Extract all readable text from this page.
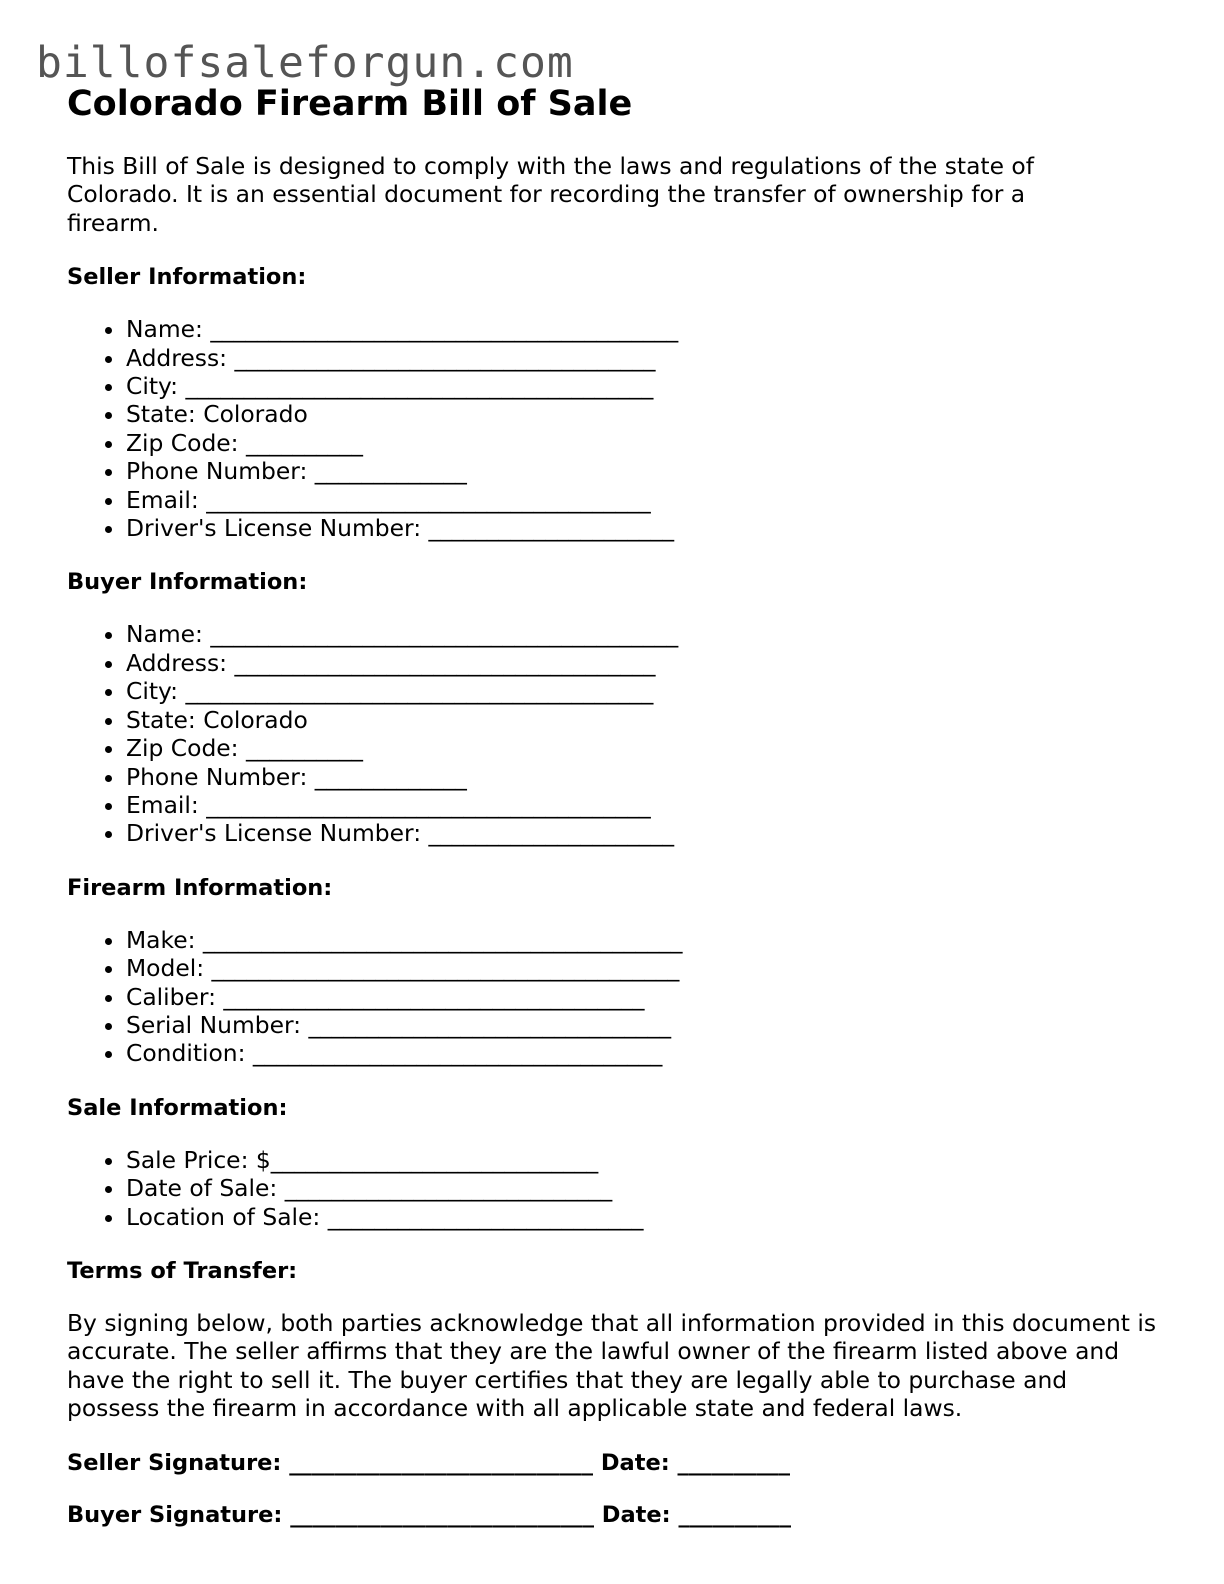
billofsaleforgun.com
Colorado Firearm Bill of Sale

This Bill of Sale is designed to comply with the laws and regulations of the state of Colorado. It is an essential document for recording the transfer of ownership for a firearm.

Seller Information:
• Name: ________________________________________
• Address: ____________________________________
• City: ________________________________________
• State: Colorado
• Zip Code: __________
• Phone Number: _____________
• Email: ______________________________________
• Driver's License Number: _____________________
Buyer Information:
• Name: ________________________________________
• Address: ____________________________________
• City: ________________________________________
• State: Colorado
• Zip Code: __________
• Phone Number: _____________
• Email: ______________________________________
• Driver's License Number: _____________________
Firearm Information:
• Make: _________________________________________
• Model: ________________________________________
• Caliber: ____________________________________
• Serial Number: _______________________________
• Condition: ___________________________________
Sale Information:
• Sale Price: $____________________________
• Date of Sale: ____________________________
• Location of Sale: ___________________________
Terms of Transfer:

By signing below, both parties acknowledge that all information provided in this document is accurate. The seller affirms that they are the lawful owner of the firearm listed above and have the right to sell it. The buyer certifies that they are legally able to purchase and possess the firearm in accordance with all applicable state and federal laws.

Seller Signature: ___________________________ Date: __________
Buyer Signature: ___________________________ Date: __________
